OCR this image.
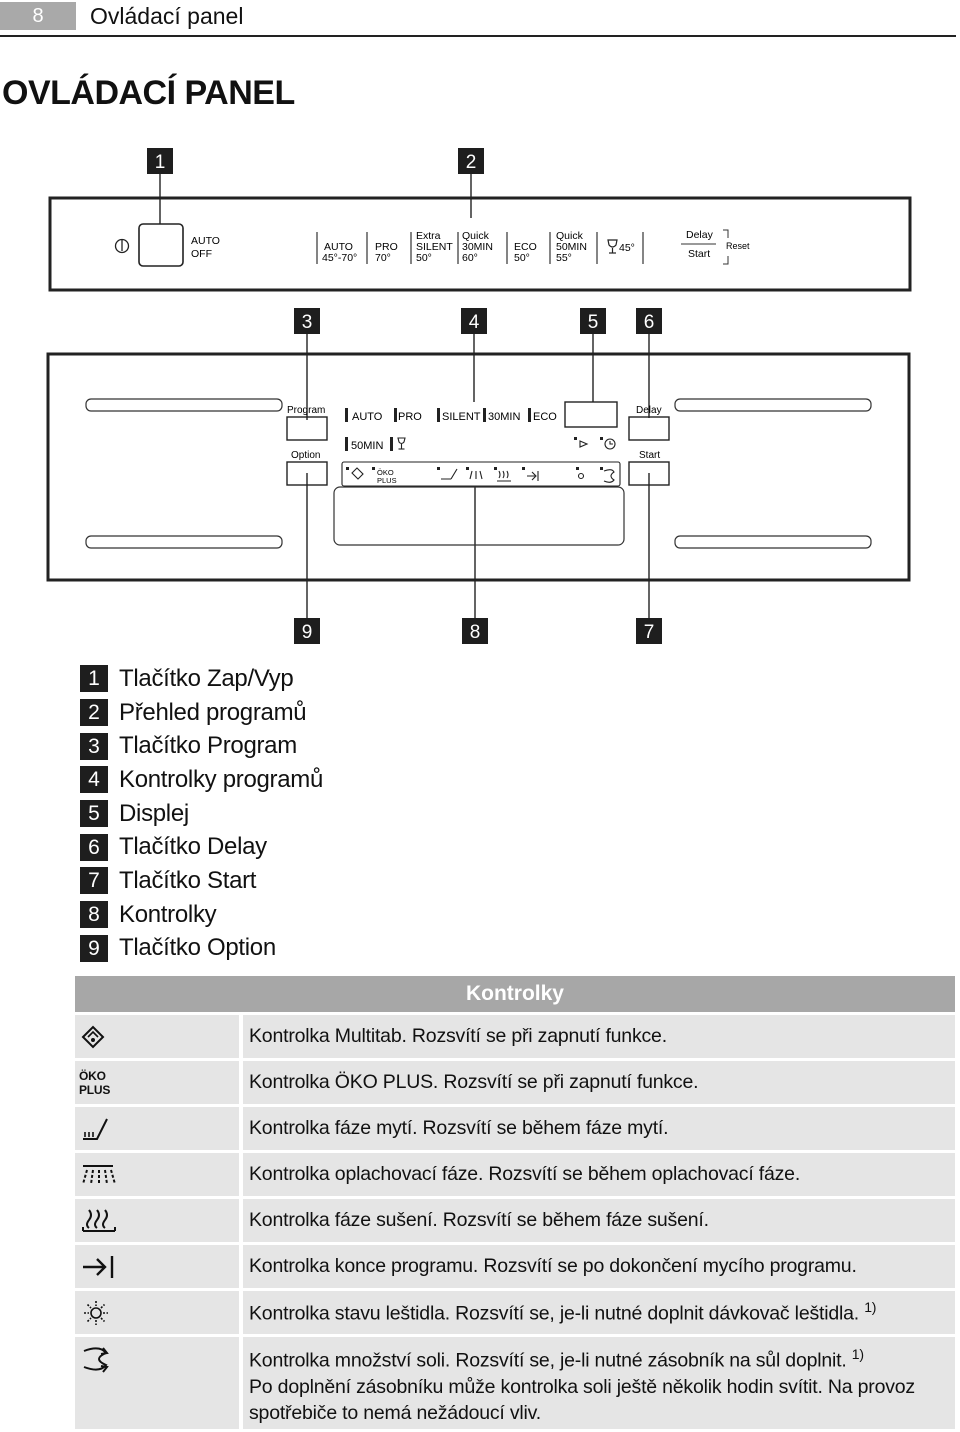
8	Ovládací panel
OVLÁDACÍ PANEL
1	2
3	4	5 6
9	8	7
AUTO
OFF
AUTO
45°-70°
PRO
70°
Extra
SILENT
50°
Quick
30MIN
60°
ECO
50°
Quick
50MIN
55°
45°
Delay
Start
Reset
Program
Option
Delay
Start
AUTO PRO SILENT 30MIN ECO
50MIN
ÖKO
PLUS
1 Tlačítko Zap/Vyp
2 Přehled programů
3 Tlačítko Program
4 Kontrolky programů
5 Displej
6 Tlačítko Delay
7 Tlačítko Start
8 Kontrolky
9 Tlačítko Option
Kontrolky	

	Kontrolka Multitab. Rozsvítí se při zapnutí funkce.

ÖKO
PLUS	Kontrolka ÖKO PLUS. Rozsvítí se při zapnutí funkce.

	Kontrolka fáze mytí. Rozsvítí se během fáze mytí.

	Kontrolka oplachovací fáze. Rozsvítí se během oplachovací fáze.

	Kontrolka fáze sušení. Rozsvítí se během fáze sušení.

	Kontrolka konce programu. Rozsvítí se po dokončení mycího programu.

	Kontrolka stavu leštidla. Rozsvítí se, je-li nutné doplnit dávkovač leštidla. $^{1)}$

	Kontrolka množství soli. Rozsvítí se, je-li nutné zásobník na sůl doplnit. $^{1)}$
Po doplnění zásobníku může kontrolka soli ještě několik hodin svítit. Na provoz spotřebiče to nemá nežádoucí vliv.
